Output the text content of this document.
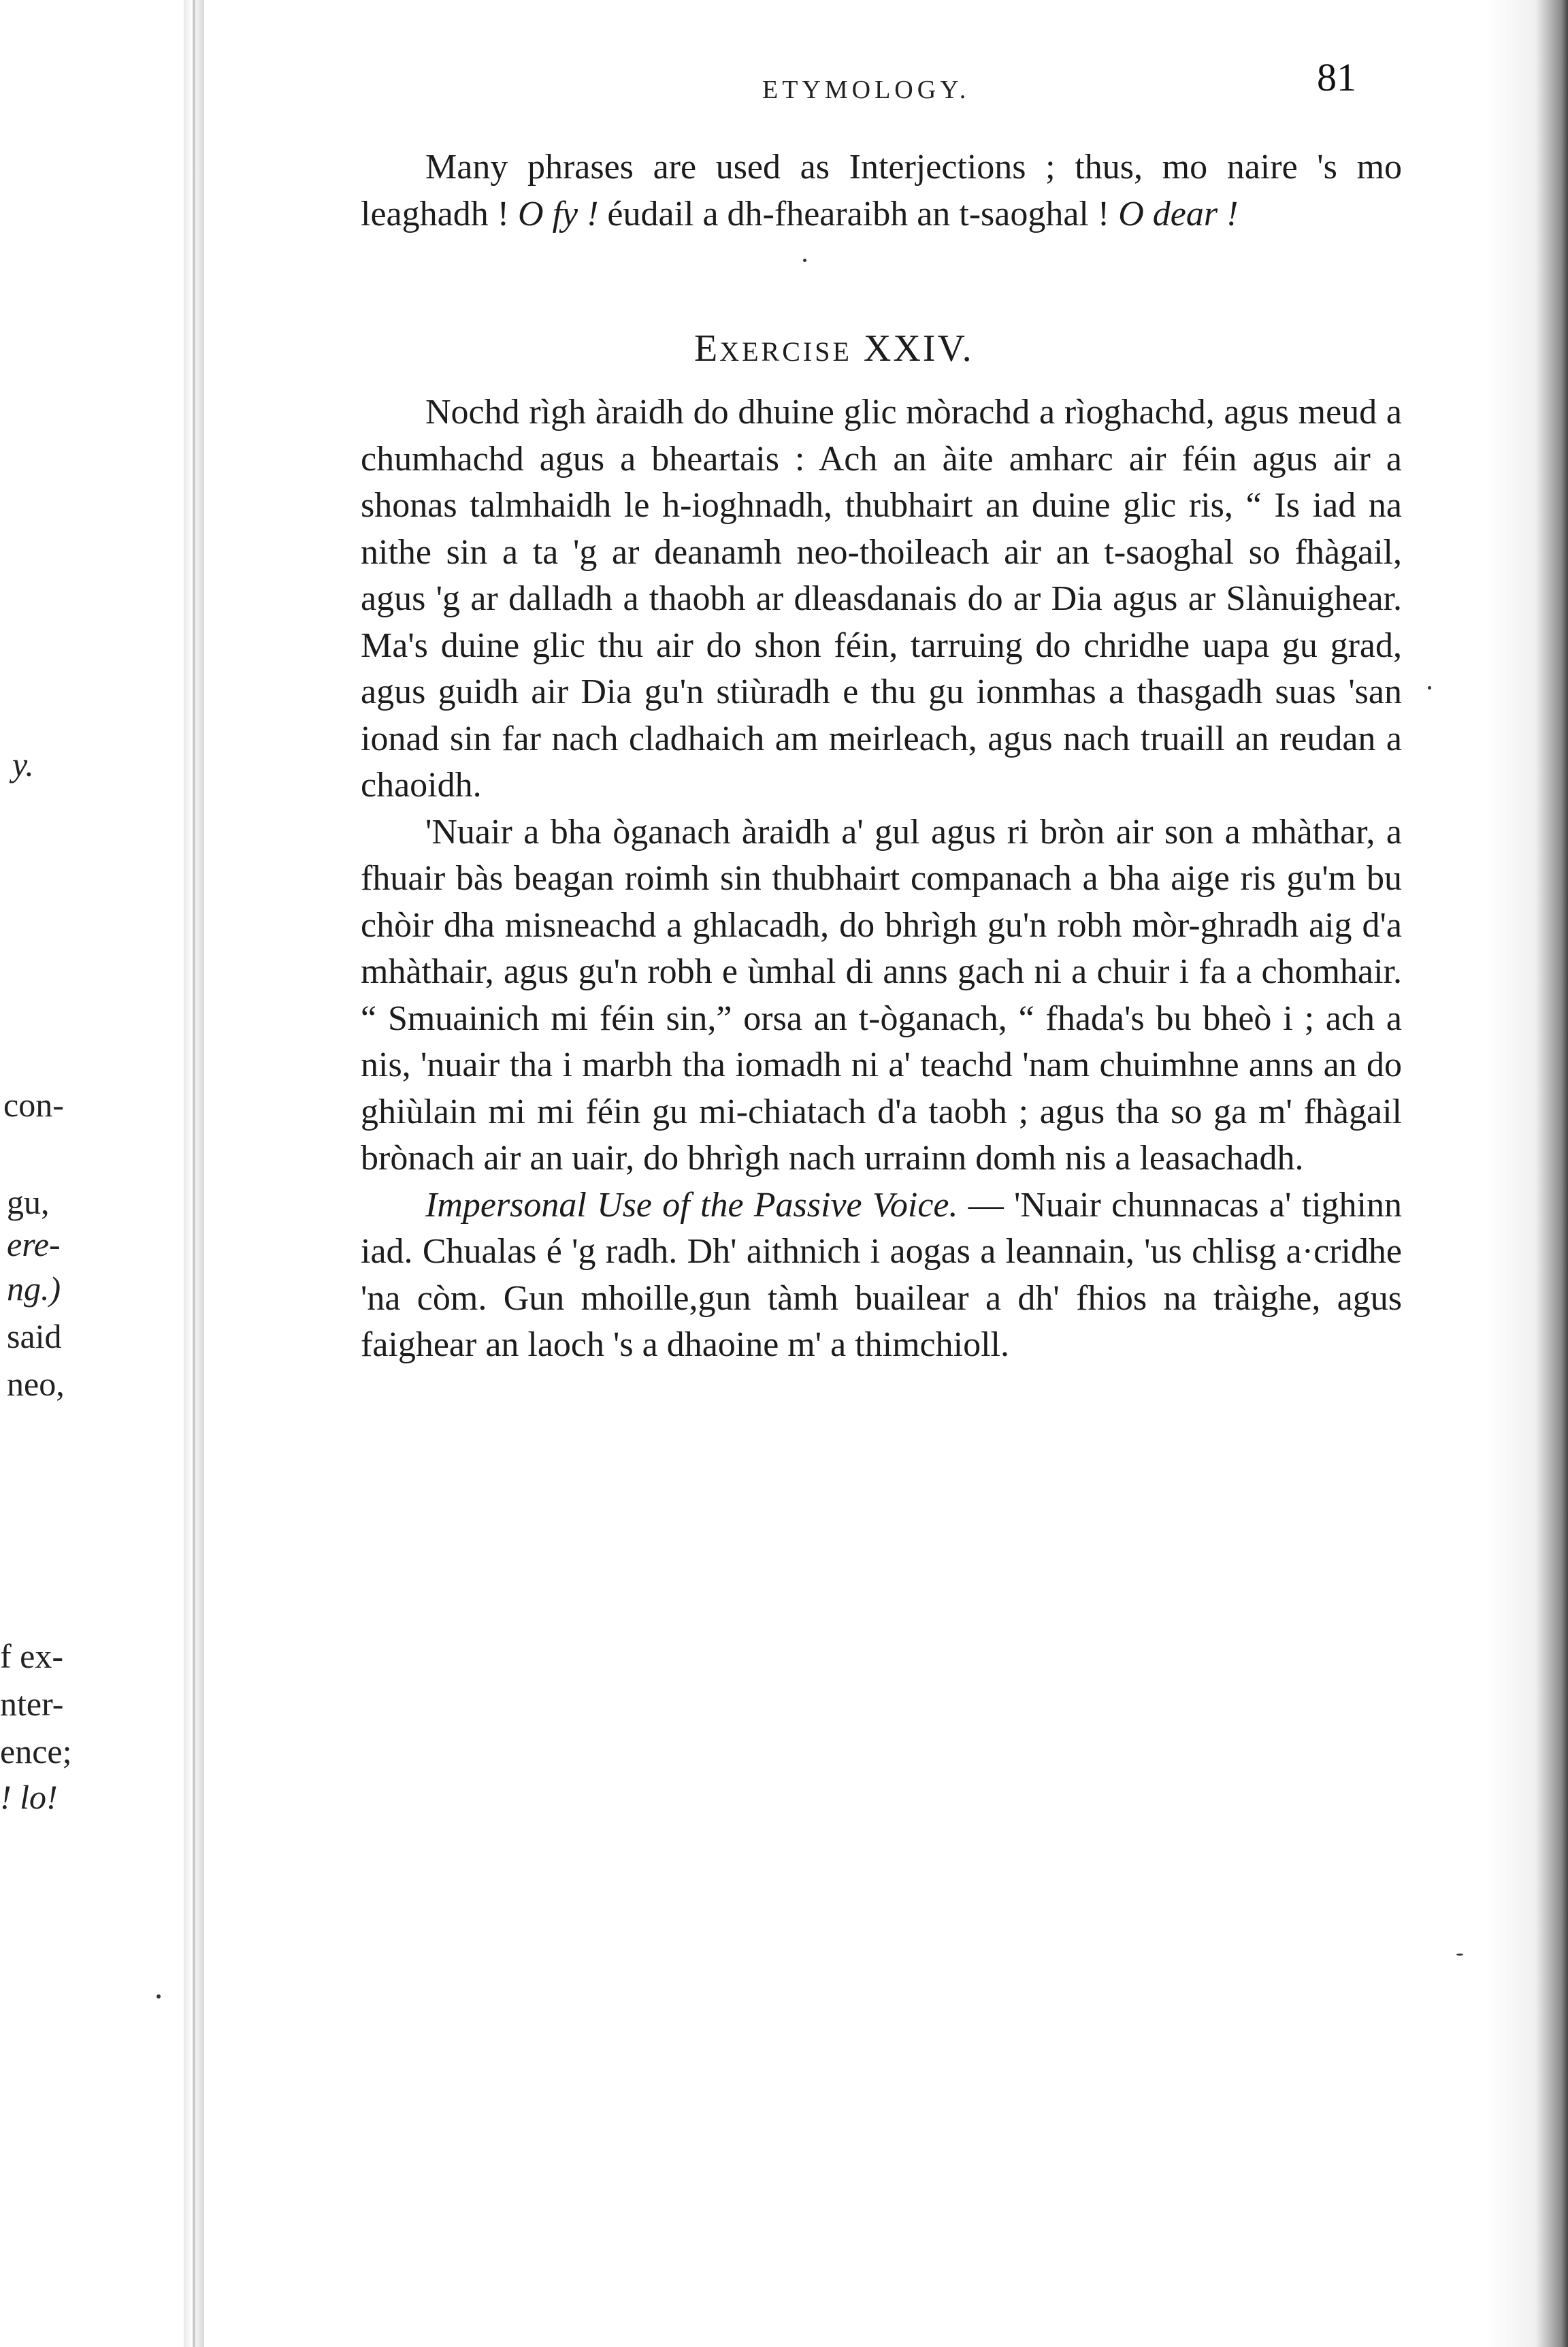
y.
con-
gu,
ere-
ng.)
said
neo,
f ex-
nter-
ence;
! lo!
ETYMOLOGY.	81

Many phrases are used as Interjections ; thus, mo naire 's mo leaghadh ! O fy ! éudail a dh-fhearaibh an t-saoghal ! O dear !

EXERCISE XXIV.

Nochd rìgh àraidh do dhuine glic mòrachd a rìoghachd, agus meud a chumhachd agus a bheartais : Ach an àite amharc air féin agus air a shonas talmhaidh le h-ioghnadh, thubhairt an duine glic ris, “ Is iad na nithe sin a ta 'g ar deanamh neo-thoileach air an t-saoghal so fhàgail, agus 'g ar dalladh a thaobh ar dleasdanais do ar Dia agus ar Slànuighear. Ma's duine glic thu air do shon féin, tarruing do chridhe uapa gu grad, agus guidh air Dia gu'n stiùradh e thu gu ionmhas a thasgadh suas 'san ionad sin far nach cladhaich am meirleach, agus nach truaill an reudan a chaoidh.

'Nuair a bha òganach àraidh a' gul agus ri bròn air son a mhàthar, a fhuair bàs beagan roimh sin thubhairt companach a bha aige ris gu'm bu chòir dha misneachd a ghlacadh, do bhrìgh gu'n robh mòr-ghradh aig d'a mhàthair, agus gu'n robh e ùmhal di anns gach ni a chuir i fa a chomhair. “ Smuainich mi féin sin,” orsa an t-òganach, “ fhada's bu bheò i ; ach a nis, 'nuair tha i marbh tha iomadh ni a' teachd 'nam chuimhne anns an do ghiùlain mi mi féin gu mi-chiatach d'a taobh ; agus tha so ga m' fhàgail brònach air an uair, do bhrìgh nach urrainn domh nis a leasachadh.

Impersonal Use of the Passive Voice. — 'Nuair chunnacas a' tighinn iad. Chualas é 'g radh. Dh' aithnich i aogas a leannain, 'us chlisg a·cridhe 'na còm. Gun mhoille,gun tàmh buailear a dh' fhios na tràighe, agus faighear an laoch 's a dhaoine m' a thimchioll.
